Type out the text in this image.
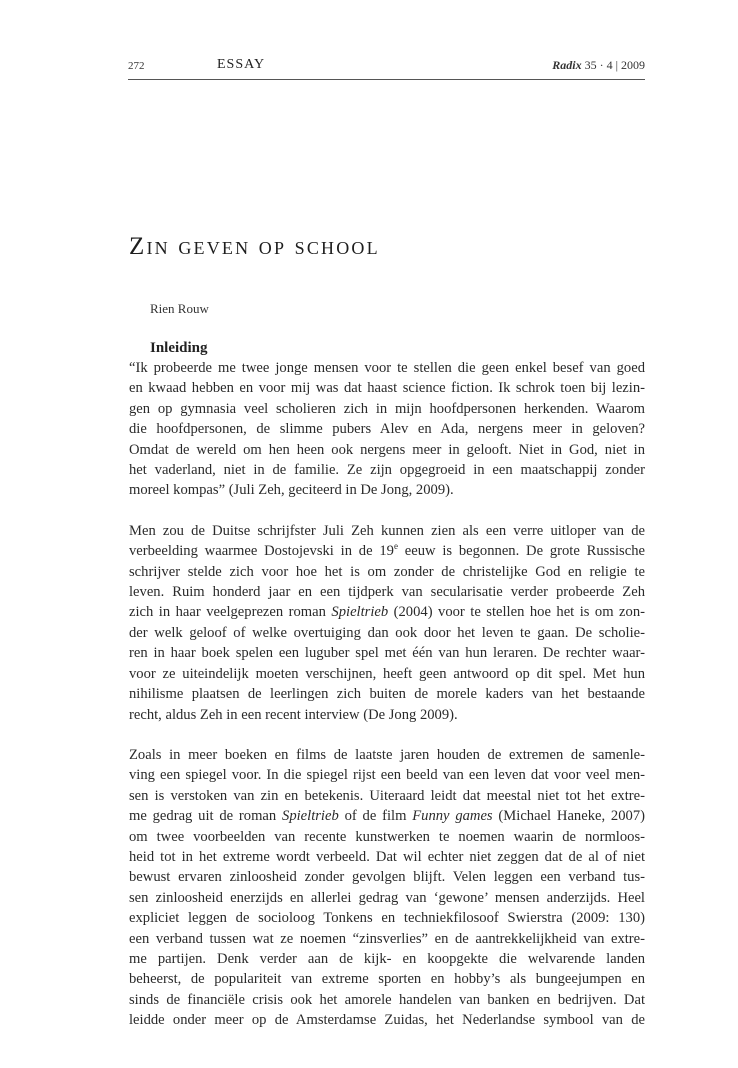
272	ESSAY	Radix 35 · 4 | 2009
Zin geven op school
Rien Rouw

Inleiding

“Ik probeerde me twee jonge mensen voor te stellen die geen enkel besef van goed
en kwaad hebben en voor mij was dat haast science fiction. Ik schrok toen bij lezin-
gen op gymnasia veel scholieren zich in mijn hoofdpersonen herkenden. Waarom
die hoofdpersonen, de slimme pubers Alev en Ada, nergens meer in geloven?
Omdat de wereld om hen heen ook nergens meer in gelooft. Niet in God, niet in
het vaderland, niet in de familie. Ze zijn opgegroeid in een maatschappij zonder
moreel kompas” (Juli Zeh, geciteerd in De Jong, 2009).

Men zou de Duitse schrijfster Juli Zeh kunnen zien als een verre uitloper van de
verbeelding waarmee Dostojevski in de 19e eeuw is begonnen. De grote Russische
schrijver stelde zich voor hoe het is om zonder de christelijke God en religie te
leven. Ruim honderd jaar en een tijdperk van secularisatie verder probeerde Zeh
zich in haar veelgeprezen roman Spieltrieb (2004) voor te stellen hoe het is om zon-
der welk geloof of welke overtuiging dan ook door het leven te gaan. De scholie-
ren in haar boek spelen een luguber spel met één van hun leraren. De rechter waar-
voor ze uiteindelijk moeten verschijnen, heeft geen antwoord op dit spel. Met hun
nihilisme plaatsen de leerlingen zich buiten de morele kaders van het bestaande
recht, aldus Zeh in een recent interview (De Jong 2009).

Zoals in meer boeken en films de laatste jaren houden de extremen de samenle-
ving een spiegel voor. In die spiegel rijst een beeld van een leven dat voor veel men-
sen is verstoken van zin en betekenis. Uiteraard leidt dat meestal niet tot het extre-
me gedrag uit de roman Spieltrieb of de film Funny games (Michael Haneke, 2007)
om twee voorbeelden van recente kunstwerken te noemen waarin de normloos-
heid tot in het extreme wordt verbeeld. Dat wil echter niet zeggen dat de al of niet
bewust ervaren zinloosheid zonder gevolgen blijft. Velen leggen een verband tus-
sen zinloosheid enerzijds en allerlei gedrag van ‘gewone’ mensen anderzijds. Heel
expliciet leggen de socioloog Tonkens en techniekfilosoof Swierstra (2009: 130)
een verband tussen wat ze noemen “zinsverlies” en de aantrekkelijkheid van extre-
me partijen. Denk verder aan de kijk- en koopgekte die welvarende landen
beheerst, de populariteit van extreme sporten en hobby’s als bungeejumpen en
sinds de financiële crisis ook het amorele handelen van banken en bedrijven. Dat
leidde onder meer op de Amsterdamse Zuidas, het Nederlandse symbool van de
